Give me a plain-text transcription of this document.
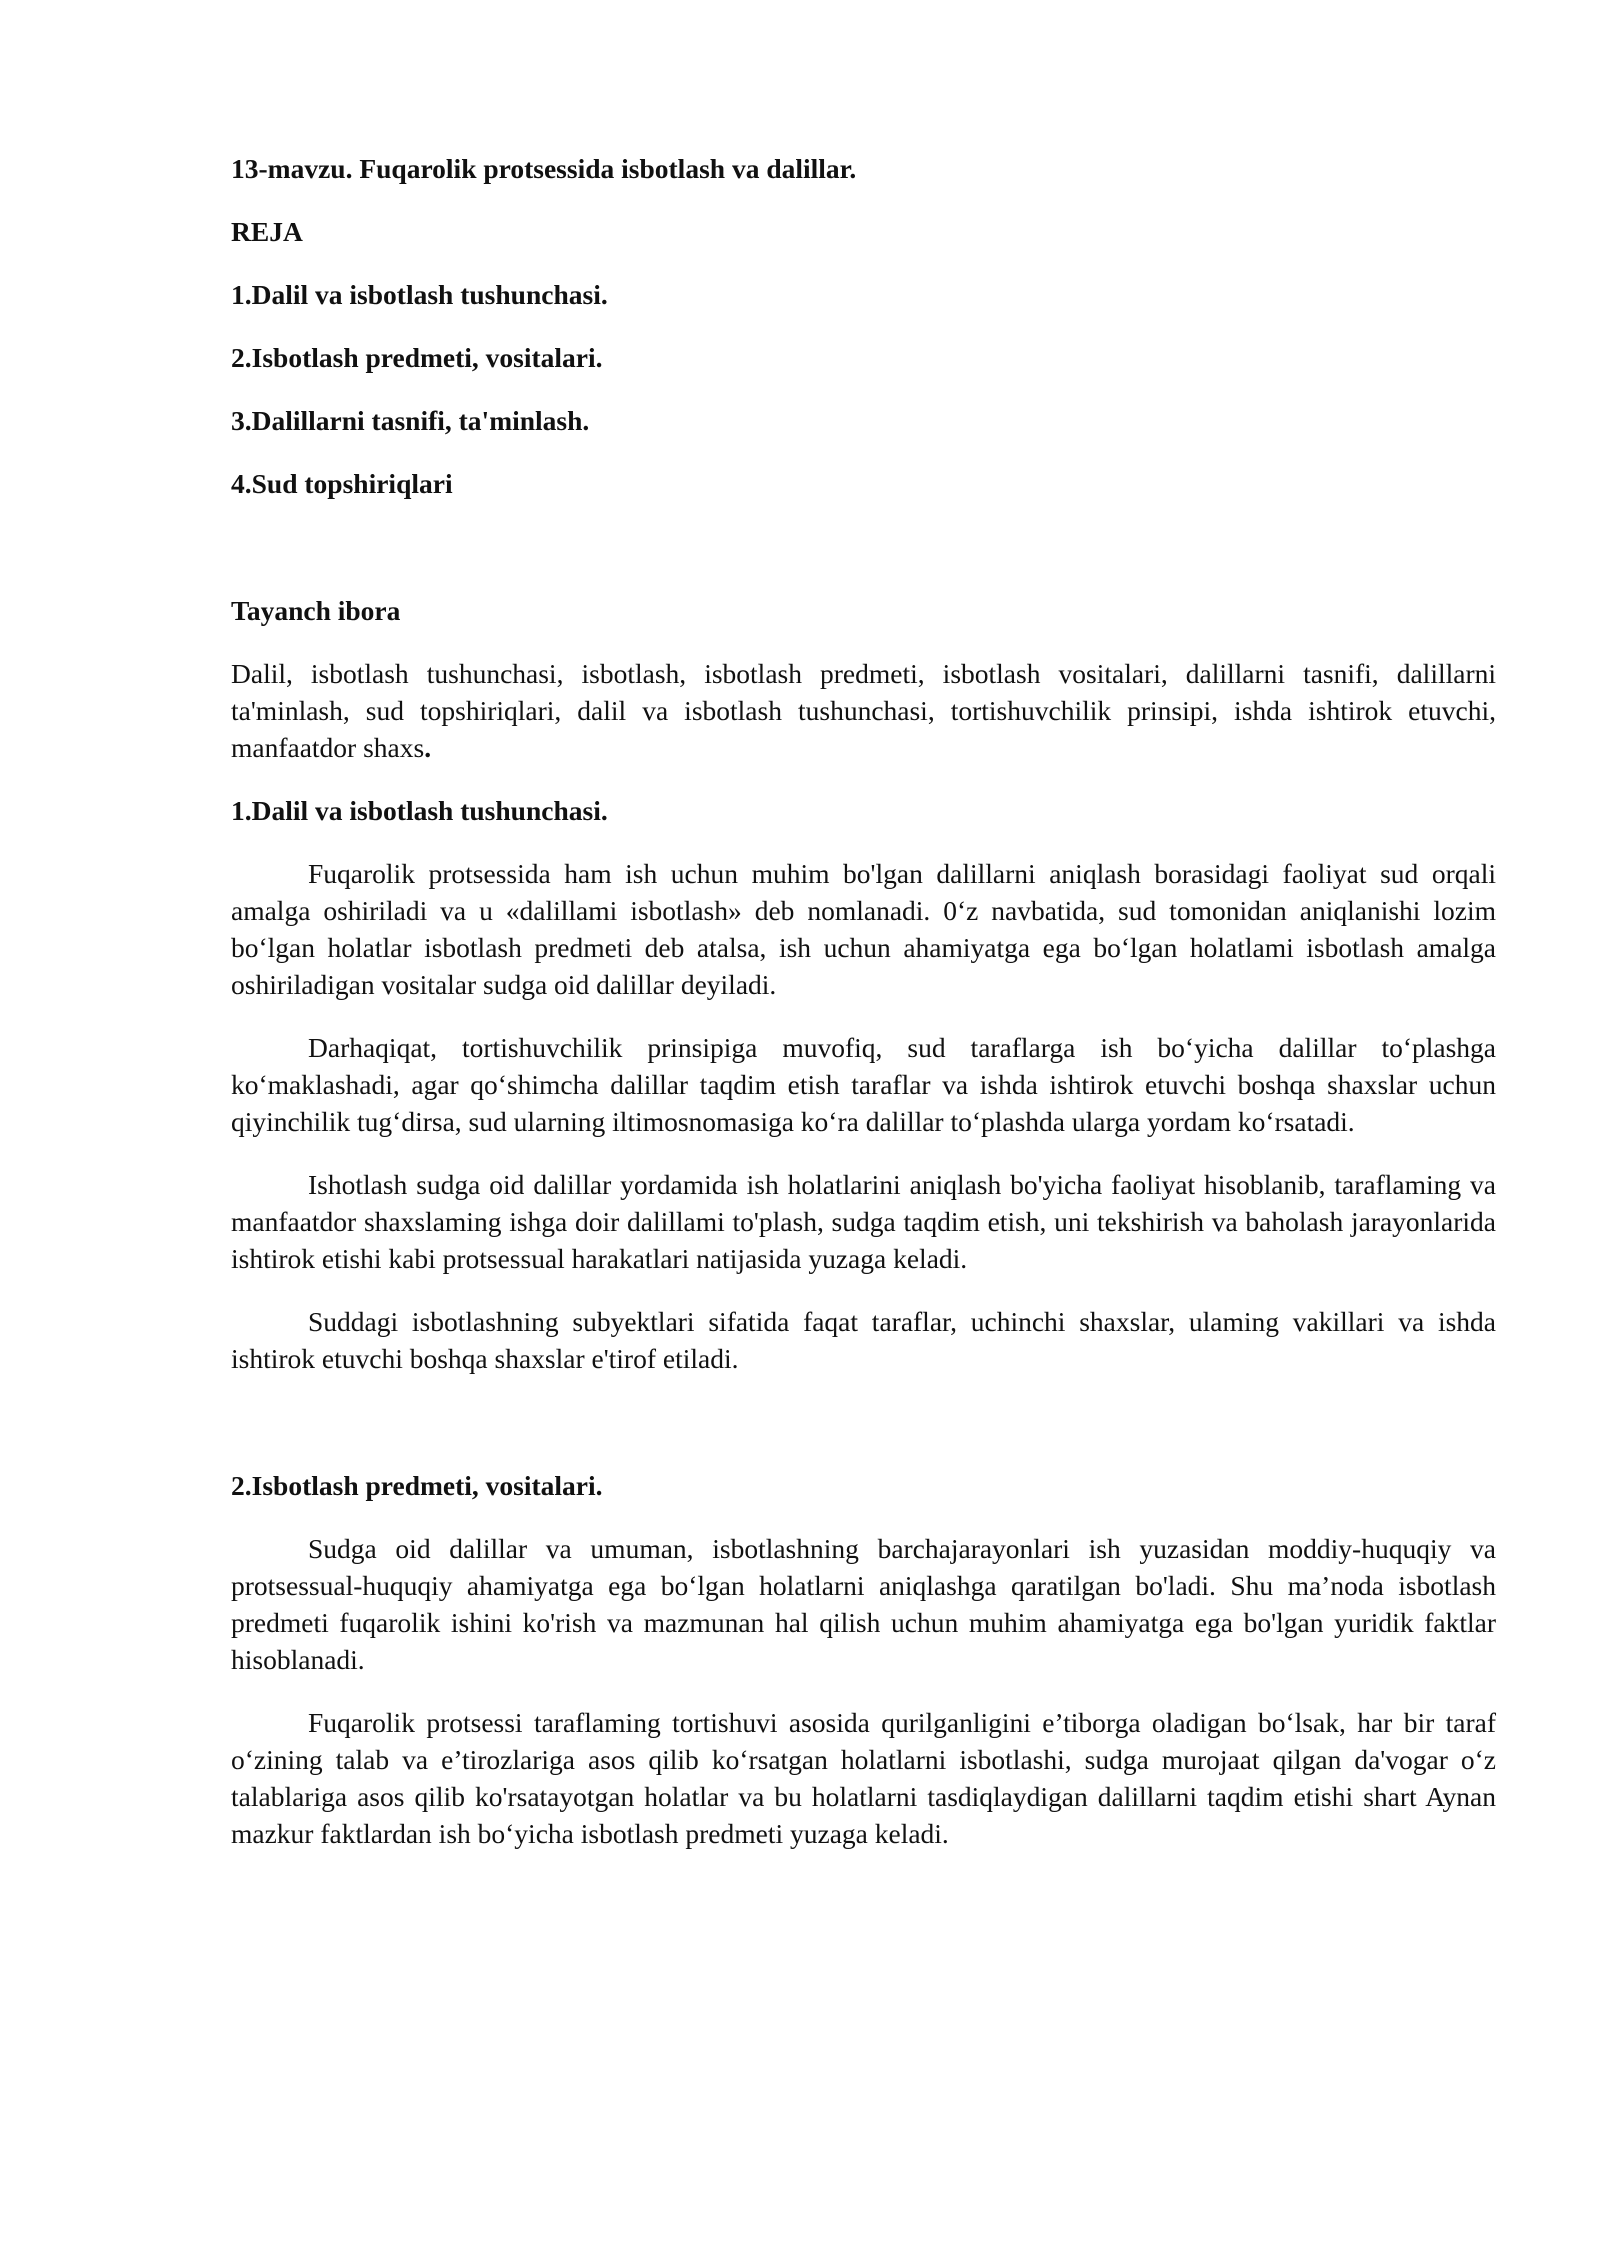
13-mavzu. Fuqarolik protsessida isbotlash va dalillar.

REJA

1.Dalil va isbotlash tushunchasi.

2.Isbotlash predmeti, vositalari.

3.Dalillarni tasnifi, ta'minlash.

4.Sud topshiriqlari

Tayanch ibora

Dalil, isbotlash tushunchasi, isbotlash, isbotlash predmeti, isbotlash vositalari, dalillarni tasnifi, dalillarni ta'minlash, sud topshiriqlari, dalil va isbotlash tushunchasi, tortishuvchilik prinsipi, ishda ishtirok etuvchi, manfaatdor shaxs.

1.Dalil va isbotlash tushunchasi.

Fuqarolik protsessida ham ish uchun muhim bo'lgan dalillarni aniqlash borasidagi faoliyat sud orqali amalga oshiriladi va u «dalillami isbotlash» deb nomlanadi. 0‘z navbatida, sud tomonidan aniqlanishi lozim bo‘lgan holatlar isbotlash predmeti deb atalsa, ish uchun ahamiyatga ega bo‘lgan holatlami isbotlash amalga oshiriladigan vositalar sudga oid dalillar deyiladi.

Darhaqiqat, tortishuvchilik prinsipiga muvofiq, sud taraflarga ish bo‘yicha dalillar to‘plashga ko‘maklashadi, agar qo‘shimcha dalillar taqdim etish taraflar va ishda ishtirok etuvchi boshqa shaxslar uchun qiyinchilik tug‘dirsa, sud ularning iltimosnomasiga ko‘ra dalillar to‘plashda ularga yordam ko‘rsatadi.

Ishotlash sudga oid dalillar yordamida ish holatlarini aniqlash bo'yicha faoliyat hisoblanib, taraflaming va manfaatdor shaxslaming ishga doir dalillami to'plash, sudga taqdim etish, uni tekshirish va baholash jarayonlarida ishtirok etishi kabi protsessual harakatlari natijasida yuzaga keladi.

Suddagi isbotlashning subyektlari sifatida faqat taraflar, uchinchi shaxslar, ulaming vakillari va ishda ishtirok etuvchi boshqa shaxslar e'tirof etiladi.

2.Isbotlash predmeti, vositalari.

Sudga oid dalillar va umuman, isbotlashning barchajarayonlari ish yuzasidan moddiy-huquqiy va protsessual-huquqiy ahamiyatga ega bo‘lgan holatlarni aniqlashga qaratilgan bo'ladi. Shu ma’noda isbotlash predmeti fuqarolik ishini ko'rish va mazmunan hal qilish uchun muhim ahamiyatga ega bo'lgan yuridik faktlar hisoblanadi.

Fuqarolik protsessi taraflaming tortishuvi asosida qurilganligini e’tiborga oladigan bo‘lsak, har bir taraf o‘zining talab va e’tirozlariga asos qilib ko‘rsatgan holatlarni isbotlashi, sudga murojaat qilgan da'vogar o‘z talablariga asos qilib ko'rsatayotgan holatlar va bu holatlarni tasdiqlaydigan dalillarni taqdim etishi shart Aynan mazkur faktlardan ish bo‘yicha isbotlash predmeti yuzaga keladi.
